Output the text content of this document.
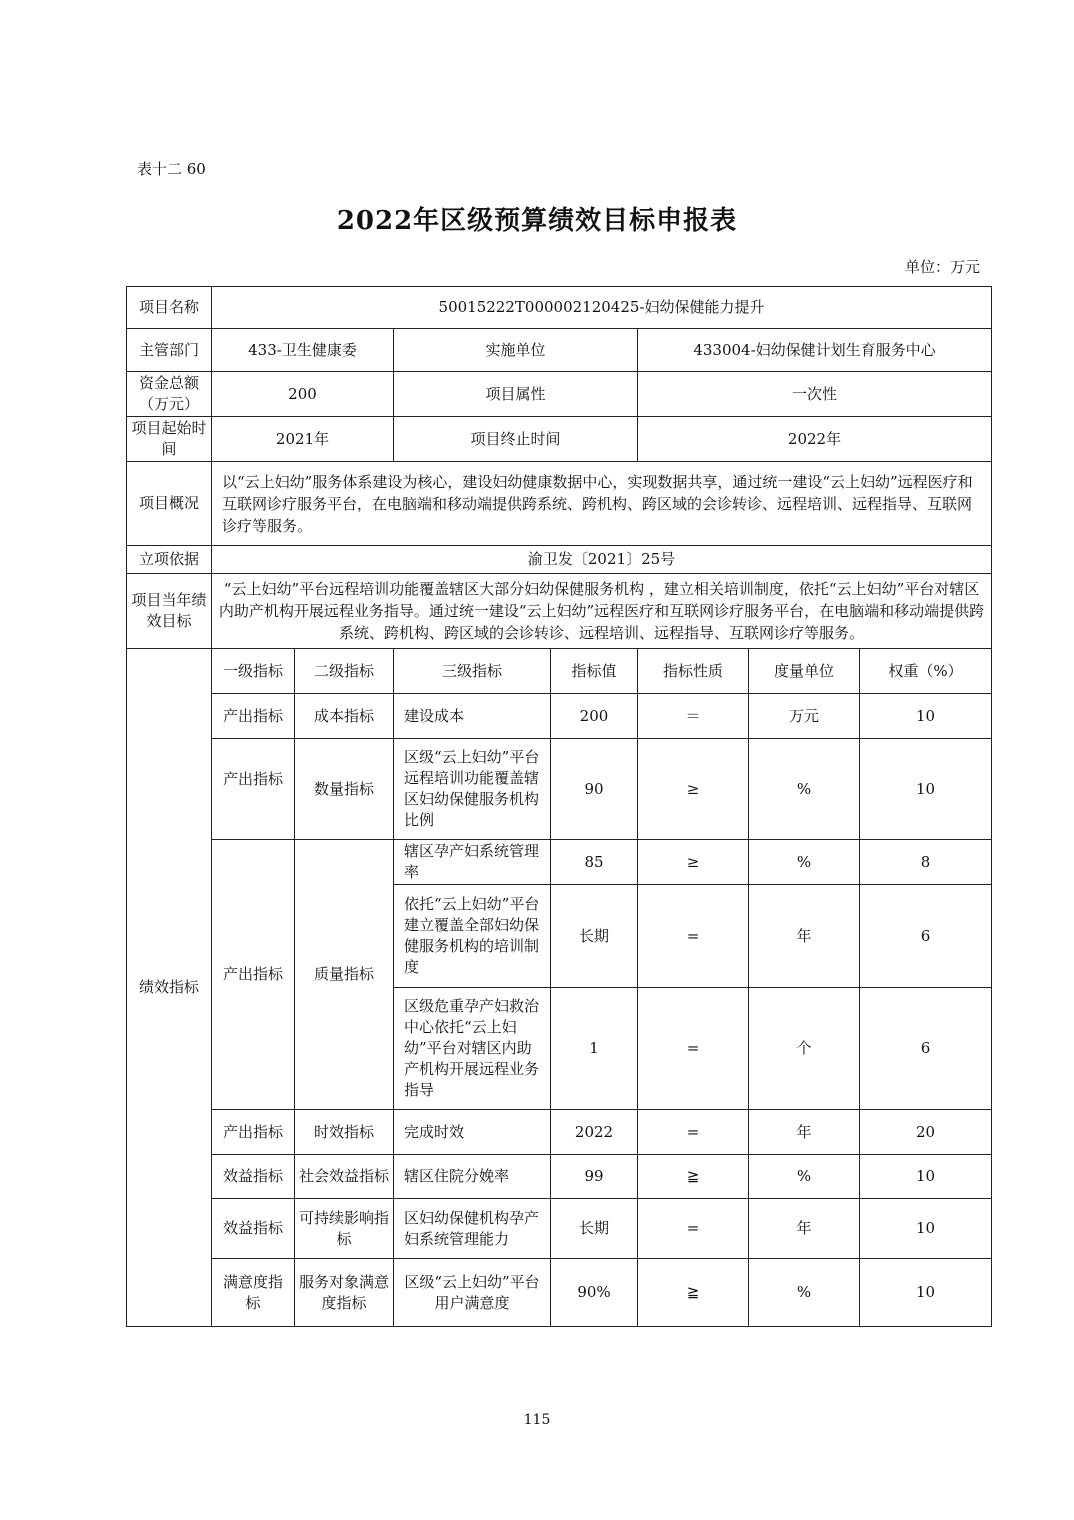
表十二 60
2022年区级预算绩效目标申报表
单位：万元
项目名称	50015222T000002120425-妇幼保健能力提升						
主管部门	433-卫生健康委		实施单位		433004-妇幼保健计划生育服务中心		
资金总额（万元）	200		项目属性		一次性		
项目起始时间	2021年		项目终止时间		2022年		
项目概况	以“云上妇幼”服务体系建设为核心，建设妇幼健康数据中心，实现数据共享，通过统一建设“云上妇幼”远程医疗和互联网诊疗服务平台，在电脑端和移动端提供跨系统、跨机构、跨区域的会诊转诊、远程培训、远程指导、互联网诊疗等服务。						
立项依据	渝卫发〔2021〕25号						
项目当年绩效目标	“云上妇幼”平台远程培训功能覆盖辖区大部分妇幼保健服务机构 ，建立相关培训制度，依托“云上妇幼”平台对辖区内助产机构开展远程业务指导。通过统一建设“云上妇幼”远程医疗和互联网诊疗服务平台，在电脑端和移动端提供跨系统、跨机构、跨区域的会诊转诊、远程培训、远程指导、互联网诊疗等服务。						
绩效指标	一级指标	二级指标	三级指标	指标值	指标性质	度量单位	权重（%）
	产出指标	成本指标	建设成本	200	＝	万元	10
	产出指标	数量指标	区级“云上妇幼”平台远程培训功能覆盖辖区妇幼保健服务机构比例	90	≥	%	10
	产出指标	质量指标	辖区孕产妇系统管理率	85	≥	%	8
			依托“云上妇幼”平台建立覆盖全部妇幼保健服务机构的培训制度	长期	=	年	6
			区级危重孕产妇救治中心依托“云上妇幼”平台对辖区内助产机构开展远程业务指导	1	=	个	6
	产出指标	时效指标	完成时效	2022	=	年	20
	效益指标	社会效益指标	辖区住院分娩率	99	≧	%	10
	效益指标	可持续影响指标	区妇幼保健机构孕产妇系统管理能力	长期	=	年	10
	满意度指标	服务对象满意度指标	区级“云上妇幼”平台用户满意度	90%	≧	%	10
115
